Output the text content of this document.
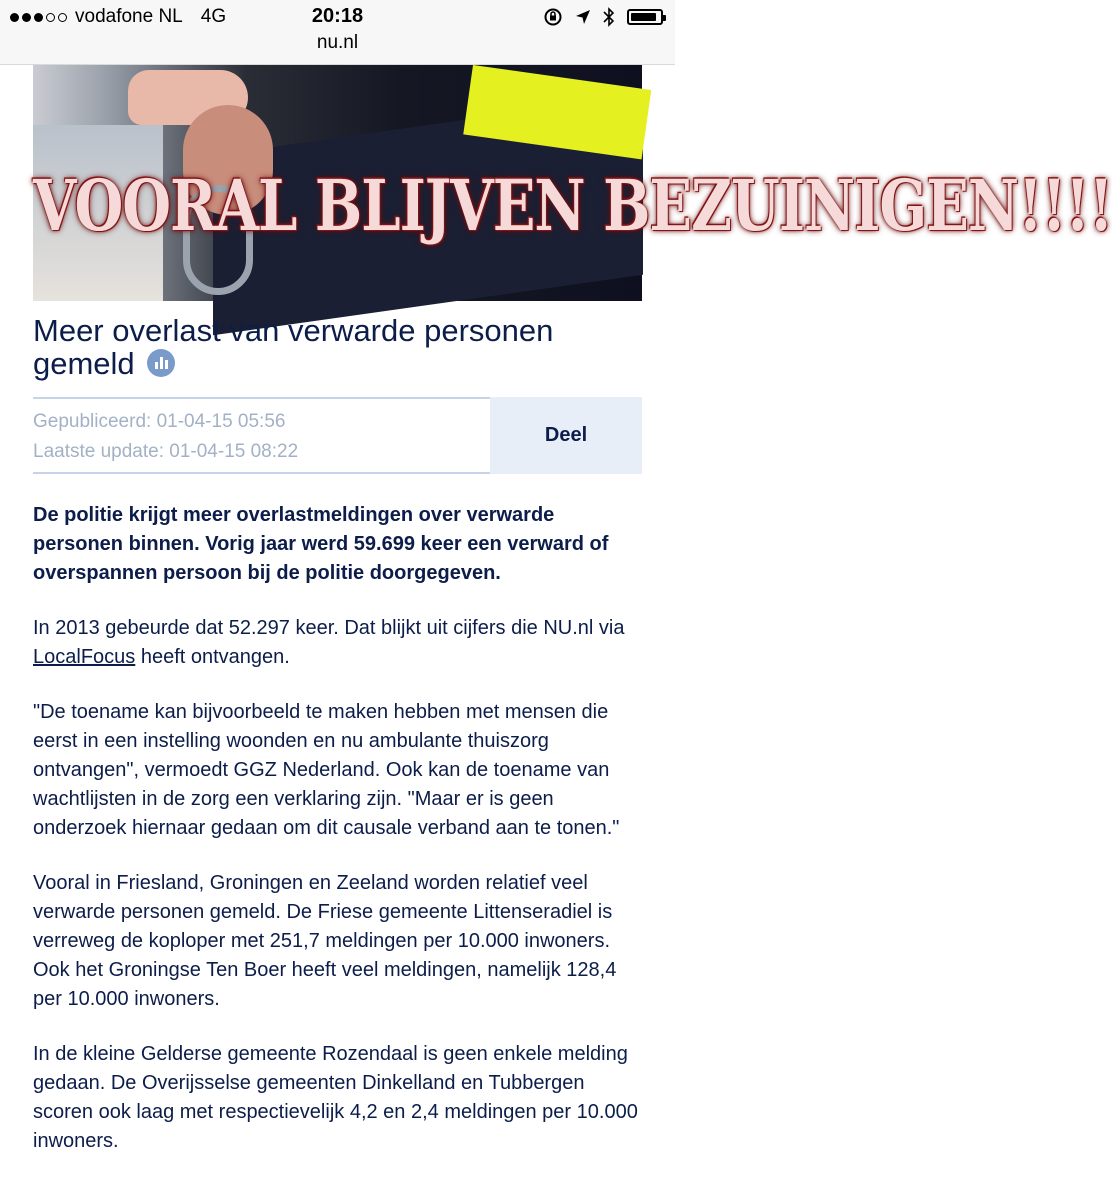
vodafone NL 4G	20:18
nu.nl
VOORAL BLIJVEN BEZUINIGEN!!!!
Meer overlast van verwarde personen gemeld
Gepubliceerd: 01-04-15 05:56
Laatste update: 01-04-15 08:22
Deel

De politie krijgt meer overlastmeldingen over verwarde personen binnen. Vorig jaar werd 59.699 keer een verward of overspannen persoon bij de politie doorgegeven.

In 2013 gebeurde dat 52.297 keer. Dat blijkt uit cijfers die NU.nl via LocalFocus heeft ontvangen.

"De toename kan bijvoorbeeld te maken hebben met mensen die eerst in een instelling woonden en nu ambulante thuiszorg ontvangen", vermoedt GGZ Nederland. Ook kan de toename van wachtlijsten in de zorg een verklaring zijn. "Maar er is geen onderzoek hiernaar gedaan om dit causale verband aan te tonen."

Vooral in Friesland, Groningen en Zeeland worden relatief veel verwarde personen gemeld. De Friese gemeente Littenseradiel is verreweg de koploper met 251,7 meldingen per 10.000 inwoners. Ook het Groningse Ten Boer heeft veel meldingen, namelijk 128,4 per 10.000 inwoners.

In de kleine Gelderse gemeente Rozendaal is geen enkele melding gedaan. De Overijsselse gemeenten Dinkelland en Tubbergen scoren ook laag met respectievelijk 4,2 en 2,4 meldingen per 10.000 inwoners.
